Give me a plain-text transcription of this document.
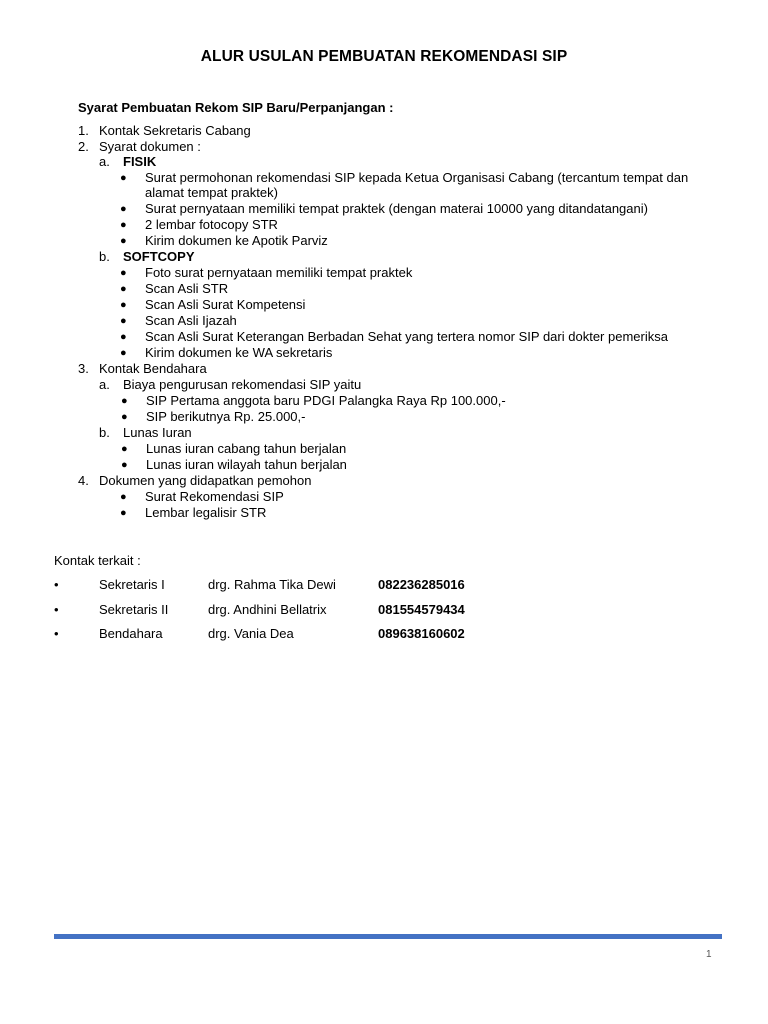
ALUR USULAN PEMBUATAN REKOMENDASI SIP
Syarat Pembuatan Rekom SIP Baru/Perpanjangan :
1. Kontak Sekretaris Cabang
2. Syarat dokumen :
a. FISIK
● Surat permohonan rekomendasi SIP kepada Ketua Organisasi Cabang (tercantum tempat dan
alamat tempat praktek)
● Surat pernyataan memiliki tempat praktek (dengan materai 10000 yang ditandatangani)
● 2 lembar fotocopy STR
● Kirim dokumen ke Apotik Parviz
b. SOFTCOPY
● Foto surat pernyataan memiliki tempat praktek
● Scan Asli STR
● Scan Asli Surat Kompetensi
● Scan Asli Ijazah
● Scan Asli Surat Keterangan Berbadan Sehat yang tertera nomor SIP dari dokter pemeriksa
● Kirim dokumen ke WA sekretaris
3. Kontak Bendahara
a. Biaya pengurusan rekomendasi SIP yaitu
● SIP Pertama anggota baru PDGI Palangka Raya Rp 100.000,-
● SIP berikutnya Rp. 25.000,-
b. Lunas Iuran
● Lunas iuran cabang tahun berjalan
● Lunas iuran wilayah tahun berjalan
4. Dokumen yang didapatkan pemohon
● Surat Rekomendasi SIP
● Lembar legalisir STR
Kontak terkait :
•	Sekretaris I	drg. Rahma Tika Dewi	082236285016
•	Sekretaris II	drg. Andhini Bellatrix	081554579434
•	Bendahara	drg. Vania Dea	089638160602
1
